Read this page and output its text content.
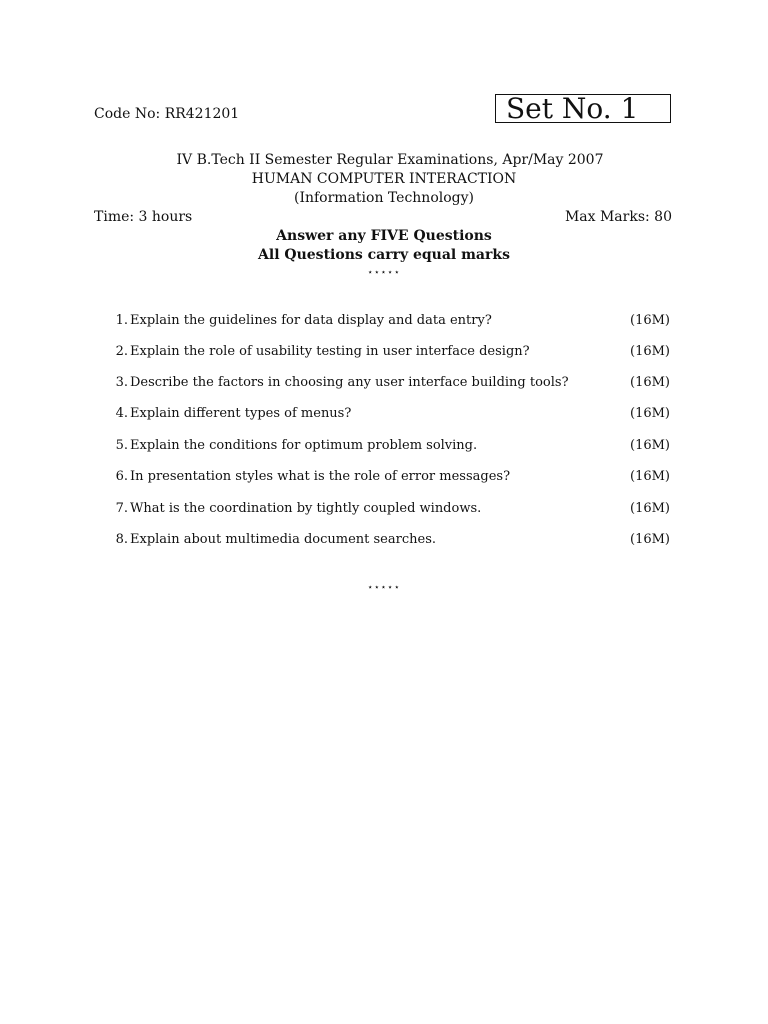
Code No: RR421201	Set No. 1
IV B.Tech II Semester Regular Examinations, Apr/May 2007
HUMAN COMPUTER INTERACTION
(Information Technology)
Time: 3 hours	Max Marks: 80
Answer any FIVE Questions
All Questions carry equal marks
⋆⋆⋆⋆⋆
1. Explain the guidelines for data display and data entry?	(16M)
2. Explain the role of usability testing in user interface design?	(16M)
3. Describe the factors in choosing any user interface building tools?	(16M)
4. Explain different types of menus?	(16M)
5. Explain the conditions for optimum problem solving.	(16M)
6. In presentation styles what is the role of error messages?	(16M)
7. What is the coordination by tightly coupled windows.	(16M)
8. Explain about multimedia document searches.	(16M)
⋆⋆⋆⋆⋆
